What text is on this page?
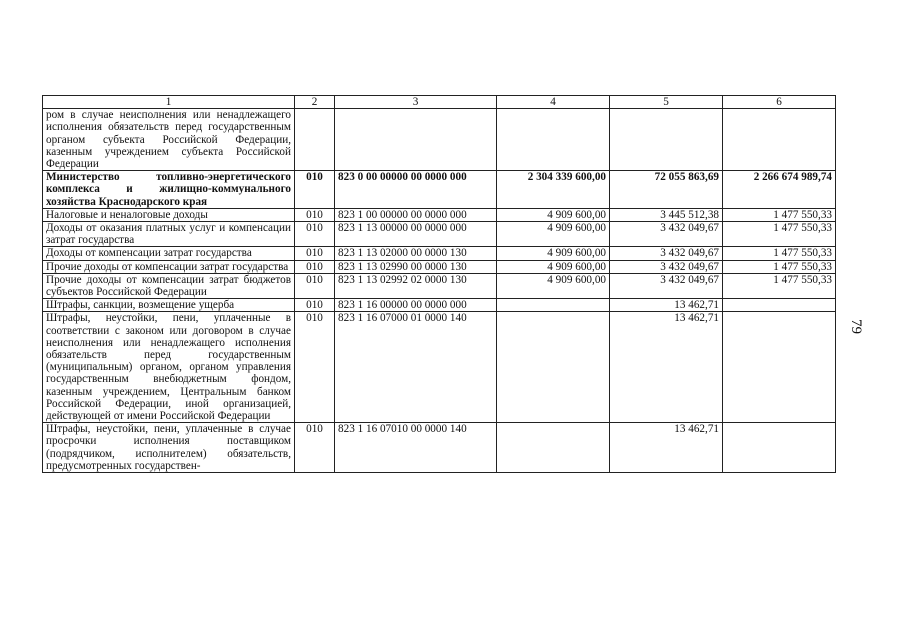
1	2	3	4	5	6
ром в случае неисполнения или ненадлежащего исполнения обязательств перед государственным органом субъекта Российской Федерации, казенным учреждением субъекта Российской Федерации					
Министерство топливно-энергетического комплекса и жилищно-коммунального хозяйства Краснодарского края	010	823 0 00 00000 00 0000 000	2 304 339 600,00	72 055 863,69	2 266 674 989,74
Налоговые и неналоговые доходы	010	823 1 00 00000 00 0000 000	4 909 600,00	3 445 512,38	1 477 550,33
Доходы от оказания платных услуг и компенсации затрат государства	010	823 1 13 00000 00 0000 000	4 909 600,00	3 432 049,67	1 477 550,33
Доходы от компенсации затрат государства	010	823 1 13 02000 00 0000 130	4 909 600,00	3 432 049,67	1 477 550,33
Прочие доходы от компенсации затрат государства	010	823 1 13 02990 00 0000 130	4 909 600,00	3 432 049,67	1 477 550,33
Прочие доходы от компенсации затрат бюджетов субъектов Российской Федерации	010	823 1 13 02992 02 0000 130	4 909 600,00	3 432 049,67	1 477 550,33
Штрафы, санкции, возмещение ущерба	010	823 1 16 00000 00 0000 000		13 462,71	
Штрафы, неустойки, пени, уплаченные в соответствии с законом или договором в случае неисполнения или ненадлежащего исполнения обязательств перед государственным (муниципальным) органом, органом управления государственным внебюджетным фондом, казенным учреждением, Центральным банком Российской Федерации, иной организацией, действующей от имени Российской Федерации	010	823 1 16 07000 01 0000 140		13 462,71	
Штрафы, неустойки, пени, уплаченные в случае просрочки исполнения поставщиком (подрядчиком, исполнителем) обязательств, предусмотренных государствен-	010	823 1 16 07010 00 0000 140		13 462,71	
79
